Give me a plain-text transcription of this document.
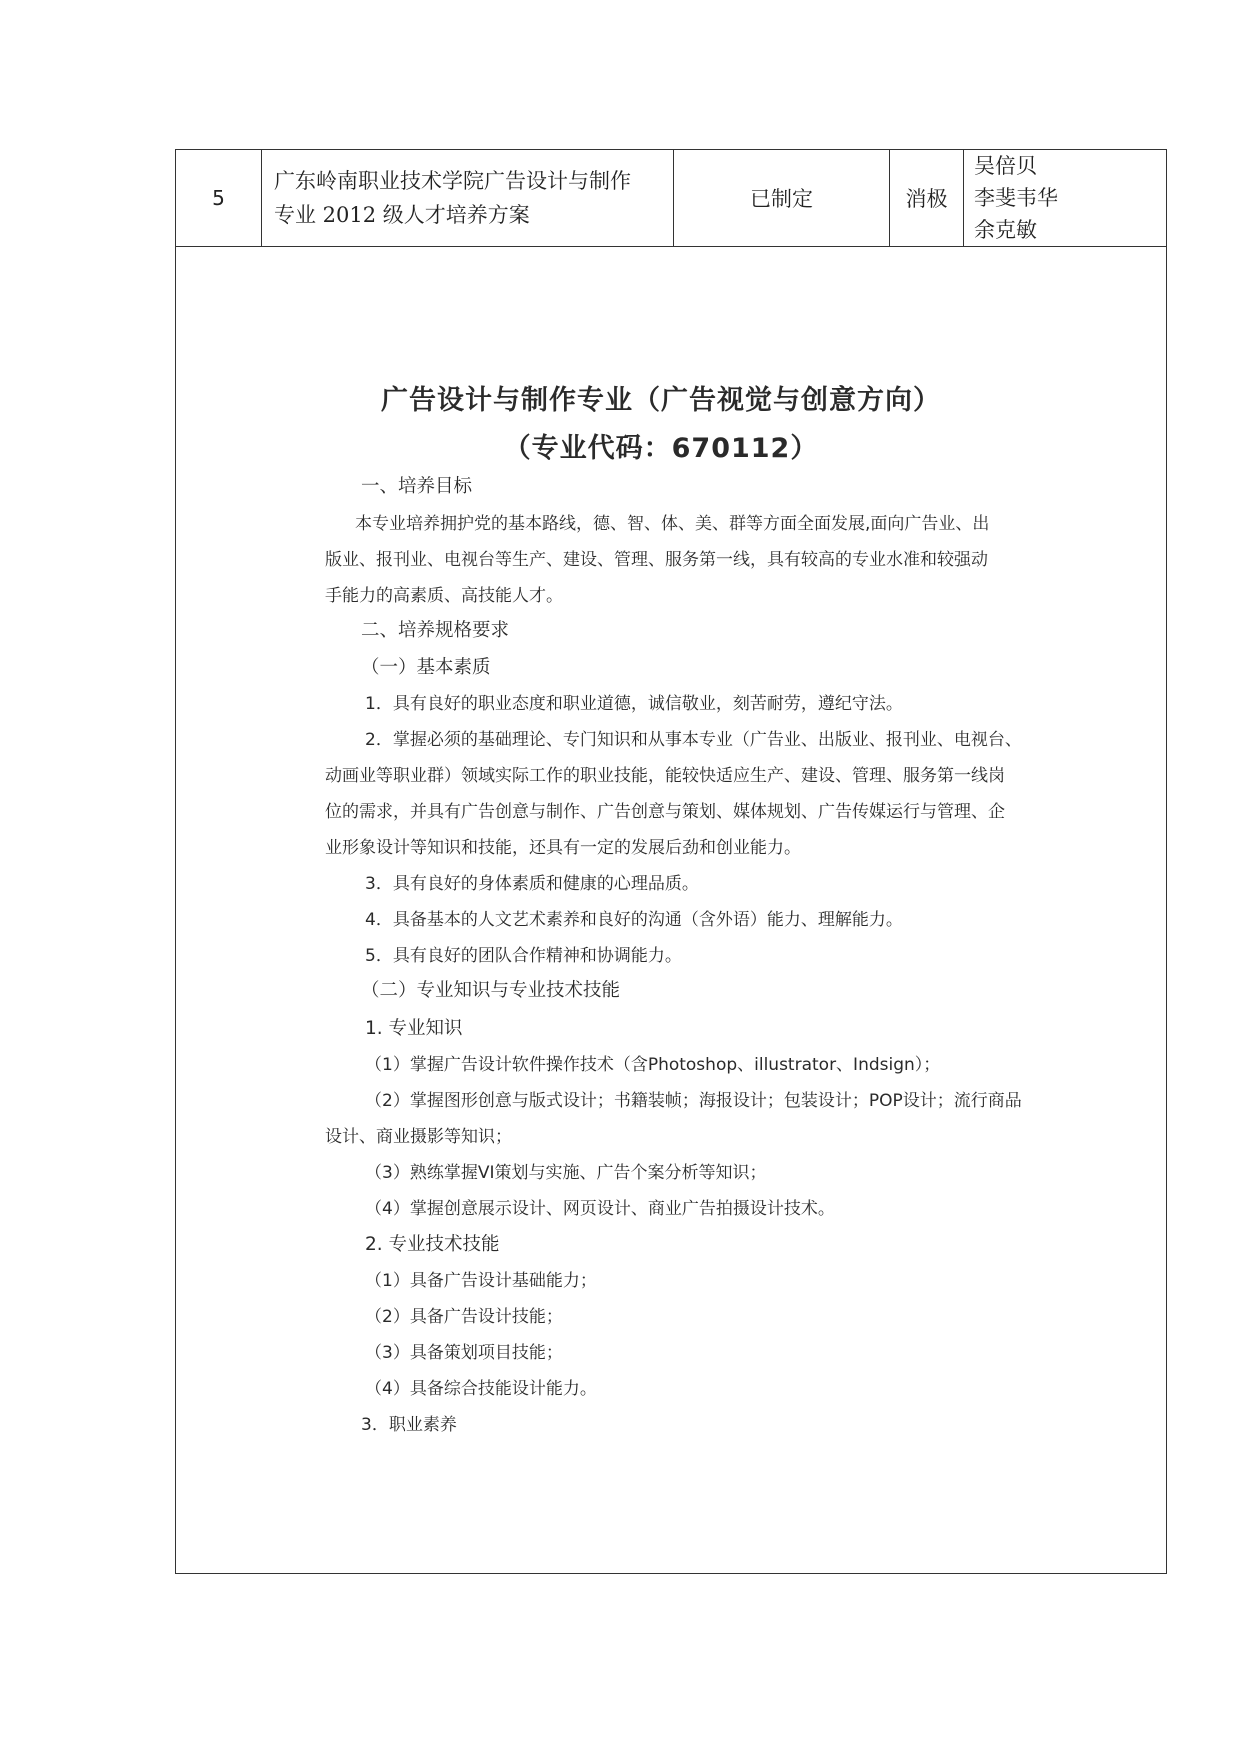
5
广东岭南职业技术学院广告设计与制作
专业 2012 级人才培养方案
已制定	消极
吴倍贝
李斐韦华
余克敏
广告设计与制作专业（广告视觉与创意方向）
（专业代码：670112）
一、培养目标
本专业培养拥护党的基本路线，德、智、体、美、群等方面全面发展,面向广告业、出
版业、报刊业、电视台等生产、建设、管理、服务第一线，具有较高的专业水准和较强动
手能力的高素质、高技能人才。
二、培养规格要求
（一）基本素质
1．具有良好的职业态度和职业道德，诚信敬业，刻苦耐劳，遵纪守法。
2．掌握必须的基础理论、专门知识和从事本专业（广告业、出版业、报刊业、电视台、
动画业等职业群）领域实际工作的职业技能，能较快适应生产、建设、管理、服务第一线岗
位的需求，并具有广告创意与制作、广告创意与策划、媒体规划、广告传媒运行与管理、企
业形象设计等知识和技能，还具有一定的发展后劲和创业能力。
3．具有良好的身体素质和健康的心理品质。
4．具备基本的人文艺术素养和良好的沟通（含外语）能力、理解能力。
5．具有良好的团队合作精神和协调能力。
（二）专业知识与专业技术技能
1. 专业知识
（1）掌握广告设计软件操作技术（含Photoshop、illustrator、Indsign）；
（2）掌握图形创意与版式设计；书籍装帧；海报设计；包装设计；POP设计；流行商品
设计、商业摄影等知识；
（3）熟练掌握VI策划与实施、广告个案分析等知识；
（4）掌握创意展示设计、网页设计、商业广告拍摄设计技术。
2. 专业技术技能
（1）具备广告设计基础能力；
（2）具备广告设计技能；
（3）具备策划项目技能；
（4）具备综合技能设计能力。
3．职业素养
